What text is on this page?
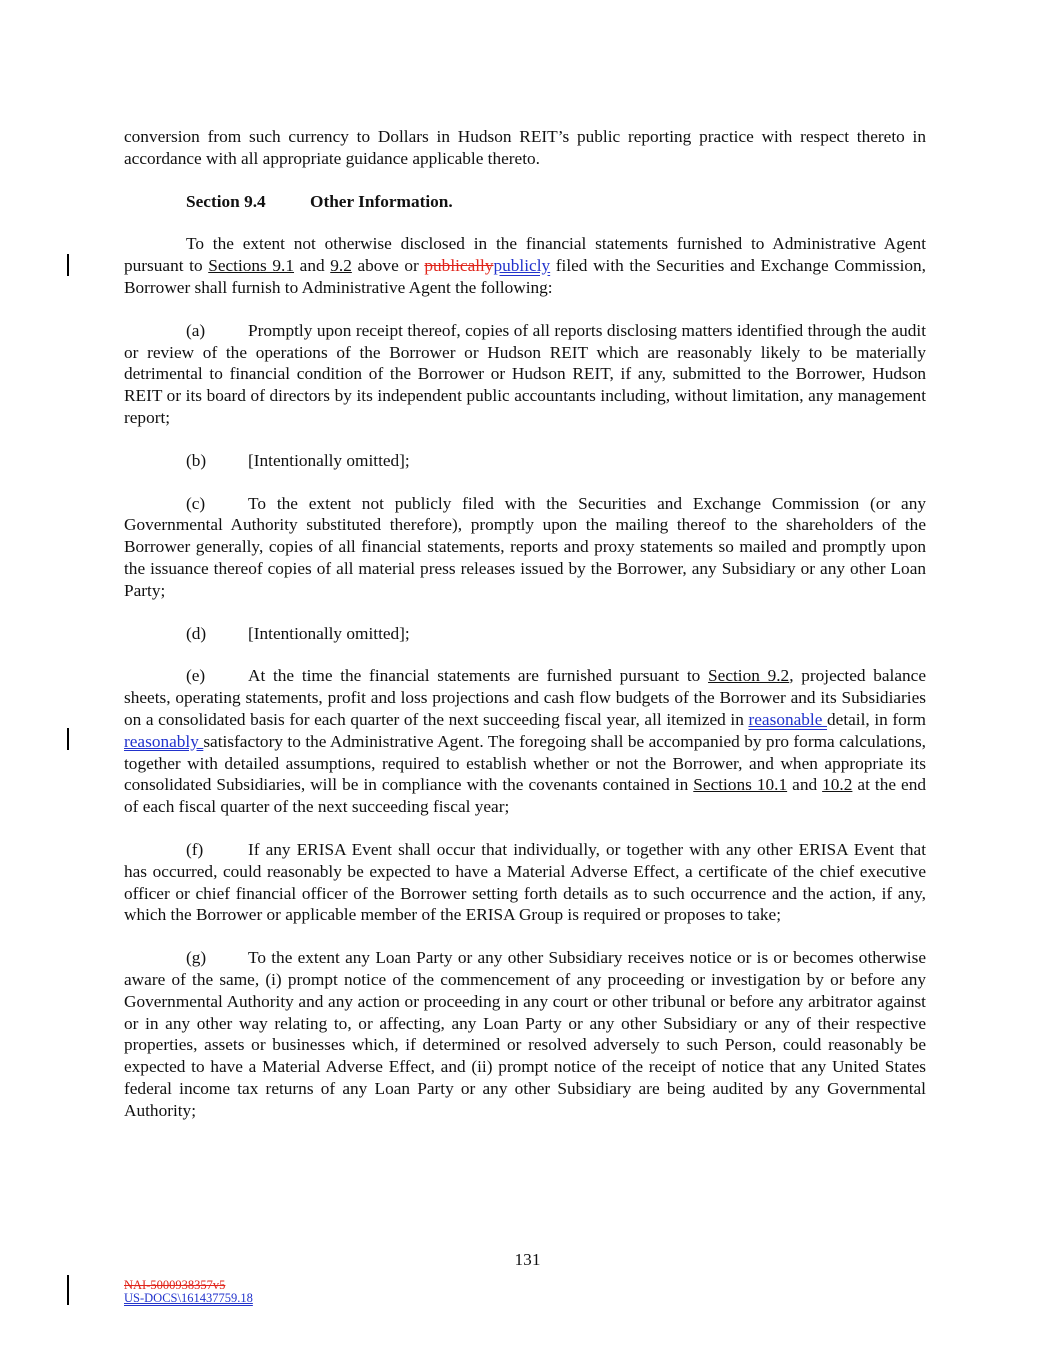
conversion from such currency to Dollars in Hudson REIT’s public reporting practice with respect thereto in accordance with all appropriate guidance applicable thereto.

Section 9.4	Other Information.

To the extent not otherwise disclosed in the financial statements furnished to Administrative Agent pursuant to Sections 9.1 and 9.2 above or publicallypublicly filed with the Securities and Exchange Commission, Borrower shall furnish to Administrative Agent the following:

(a) Promptly upon receipt thereof, copies of all reports disclosing matters identified through the audit or review of the operations of the Borrower or Hudson REIT which are reasonably likely to be materially detrimental to financial condition of the Borrower or Hudson REIT, if any, submitted to the Borrower, Hudson REIT or its board of directors by its independent public accountants including, without limitation, any management report;

(b) [Intentionally omitted];

(c) To the extent not publicly filed with the Securities and Exchange Commission (or any Governmental Authority substituted therefore), promptly upon the mailing thereof to the shareholders of the Borrower generally, copies of all financial statements, reports and proxy statements so mailed and promptly upon the issuance thereof copies of all material press releases issued by the Borrower, any Subsidiary or any other Loan Party;

(d) [Intentionally omitted];

(e) At the time the financial statements are furnished pursuant to Section 9.2, projected balance sheets, operating statements, profit and loss projections and cash flow budgets of the Borrower and its Subsidiaries on a consolidated basis for each quarter of the next succeeding fiscal year, all itemized in reasonable detail, in form reasonably satisfactory to the Administrative Agent. The foregoing shall be accompanied by pro forma calculations, together with detailed assumptions, required to establish whether or not the Borrower, and when appropriate its consolidated Subsidiaries, will be in compliance with the covenants contained in Sections 10.1 and 10.2 at the end of each fiscal quarter of the next succeeding fiscal year;

(f)	If any ERISA Event shall occur that individually, or together with any other ERISA Event that has occurred, could reasonably be expected to have a Material Adverse Effect, a certificate of the chief executive officer or chief financial officer of the Borrower setting forth details as to such occurrence and the action, if any, which the Borrower or applicable member of the ERISA Group is required or proposes to take;

(g) To the extent any Loan Party or any other Subsidiary receives notice or is or becomes otherwise aware of the same, (i) prompt notice of the commencement of any proceeding or investigation by or before any Governmental Authority and any action or proceeding in any court or other tribunal or before any arbitrator against or in any other way relating to, or affecting, any Loan Party or any other Subsidiary or any of their respective properties, assets or businesses which, if determined or resolved adversely to such Person, could reasonably be expected to have a Material Adverse Effect, and (ii) prompt notice of the receipt of notice that any United States federal income tax returns of any Loan Party or any other Subsidiary are being audited by any Governmental Authority;

131
NAI-5000938357v5
US-DOCS\161437759.18
